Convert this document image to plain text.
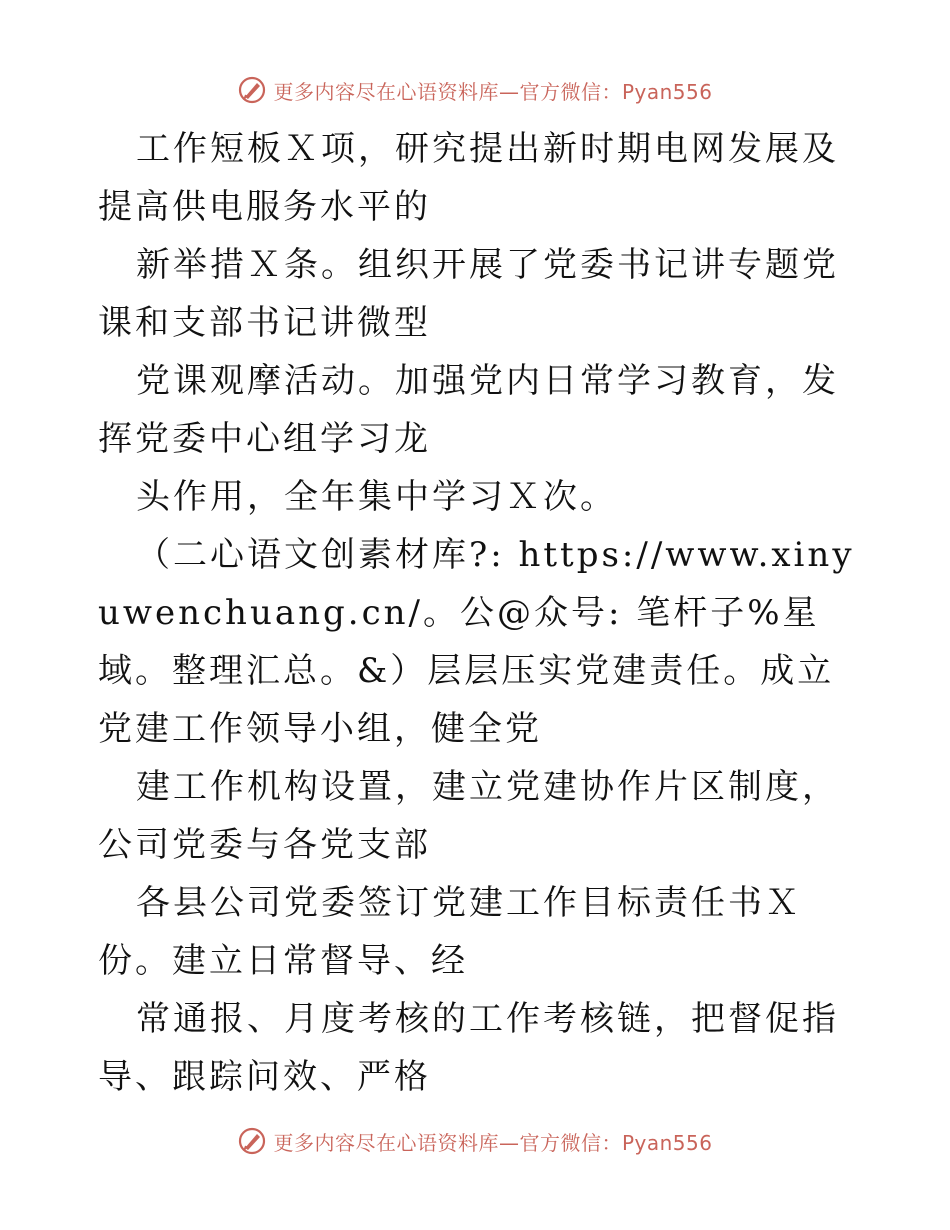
更多内容尽在心语资料库—官方微信：Pyan556

工作短板Ｘ项，研究提出新时期电网发展及提高供电服务水平的

新举措Ｘ条。组织开展了党委书记讲专题党课和支部书记讲微型

党课观摩活动。加强党内日常学习教育，发挥党委中心组学习龙

头作用，全年集中学习Ｘ次。

（二心语文创素材库?: https://www.xinyuwenchuang.cn/。公@众号: 笔杆子%星域。整理汇总。&）层层压实党建责任。成立党建工作领导小组，健全党

建工作机构设置，建立党建协作片区制度，公司党委与各党支部

各县公司党委签订党建工作目标责任书Ｘ份。建立日常督导、经

常通报、月度考核的工作考核链，把督促指导、跟踪问效、严格

更多内容尽在心语资料库—官方微信：Pyan556
